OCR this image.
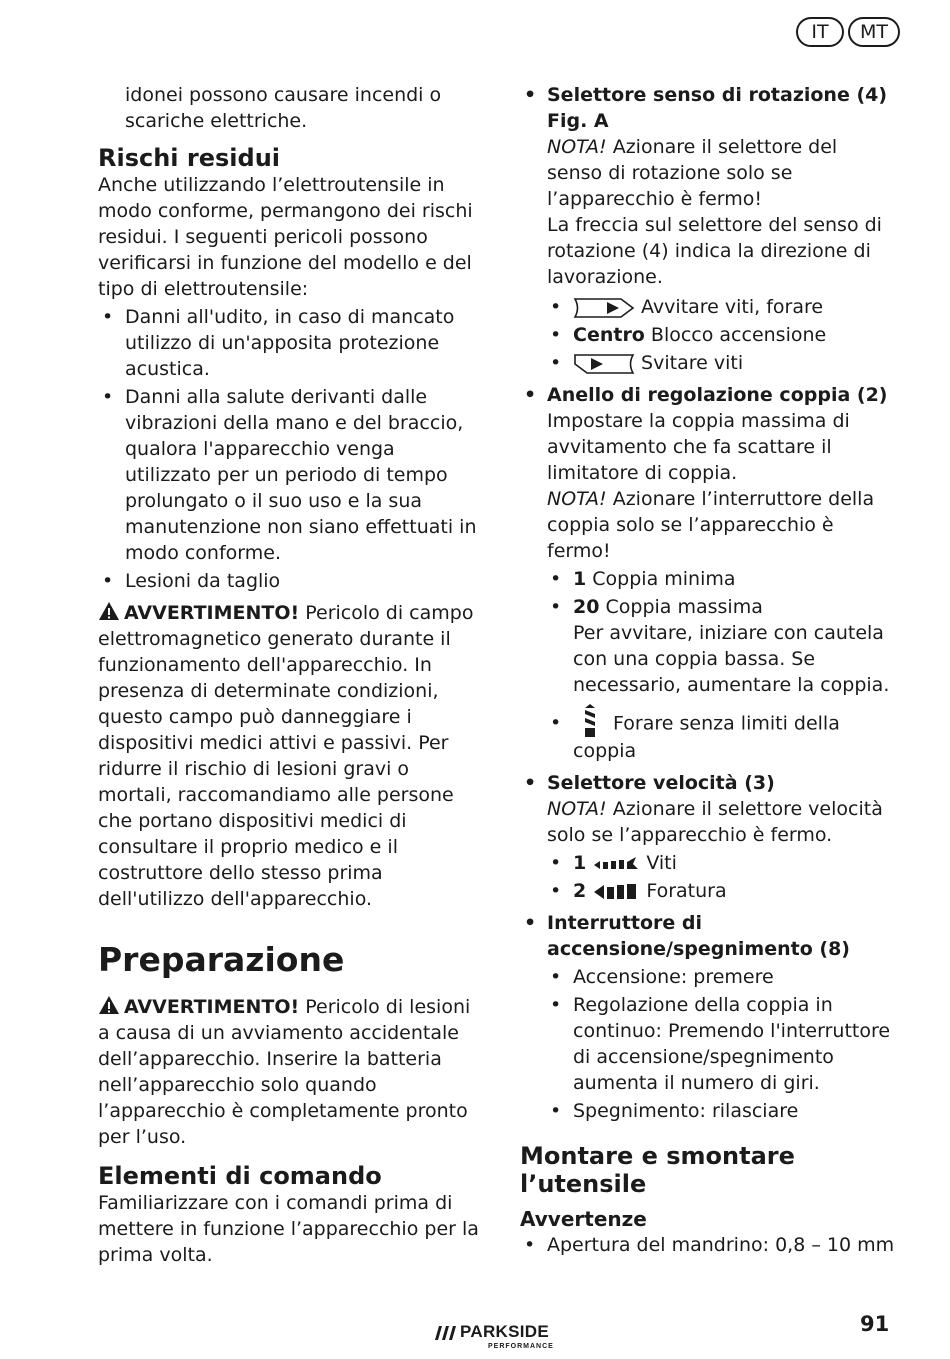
IT	MT

idonei possono causare incendi o scariche elettriche.

Rischi residui

Anche utilizzando l’elettroutensile in modo conforme, permangono dei rischi residui. I seguenti pericoli possono verificarsi in funzione del modello e del tipo di elettroutensile:

• Danni all'udito, in caso di mancato utilizzo di un'apposita protezione acustica.

• Danni alla salute derivanti dalle vibrazioni della mano e del braccio, qualora l'apparecchio venga utilizzato per un periodo di tempo prolungato o il suo uso e la sua manutenzione non siano effettuati in modo conforme.

• Lesioni da taglio

AVVERTIMENTO! Pericolo di campo elettromagnetico generato durante il funzionamento dell'apparecchio. In presenza di determinate condizioni, questo campo può danneggiare i dispositivi medici attivi e passivi. Per ridurre il rischio di lesioni gravi o mortali, raccomandiamo alle persone che portano dispositivi medici di consultare il proprio medico e il costruttore dello stesso prima dell'utilizzo dell'apparecchio.

Preparazione

AVVERTIMENTO! Pericolo di lesioni a causa di un avviamento accidentale dell’apparecchio. Inserire la batteria nell’apparecchio solo quando l’apparecchio è completamente pronto per l’uso.

Elementi di comando

Familiarizzare con i comandi prima di mettere in funzione l’apparecchio per la prima volta.

• Selettore senso di rotazione (4) Fig. A

NOTA! Azionare il selettore del senso di rotazione solo se l’apparecchio è fermo!

La freccia sul selettore del senso di rotazione (4) indica la direzione di lavorazione.

• Avvitare viti, forare

• Centro Blocco accensione

• Svitare viti

• Anello di regolazione coppia (2)

Impostare la coppia massima di avvitamento che fa scattare il limitatore di coppia.

NOTA! Azionare l’interruttore della coppia solo se l’apparecchio è fermo!

• 1 Coppia minima

• 20 Coppia massima

Per avvitare, iniziare con cautela con una coppia bassa. Se necessario, aumentare la coppia.

• Forare senza limiti della coppia

• Selettore velocità (3)

NOTA! Azionare il selettore velocità solo se l’apparecchio è fermo.

• 1	Viti

• 2	Foratura

• Interruttore di accensione/spegnimento (8)

• Accensione: premere

• Regolazione della coppia in continuo: Premendo l'interruttore di accensione/spegnimento aumenta il numero di giri.

• Spegnimento: rilasciare

Montare e smontare l’utensile
Avvertenze

• Apertura del mandrino: 0,8 – 10 mm

PARKSIDE
PERFORMANCE
91
